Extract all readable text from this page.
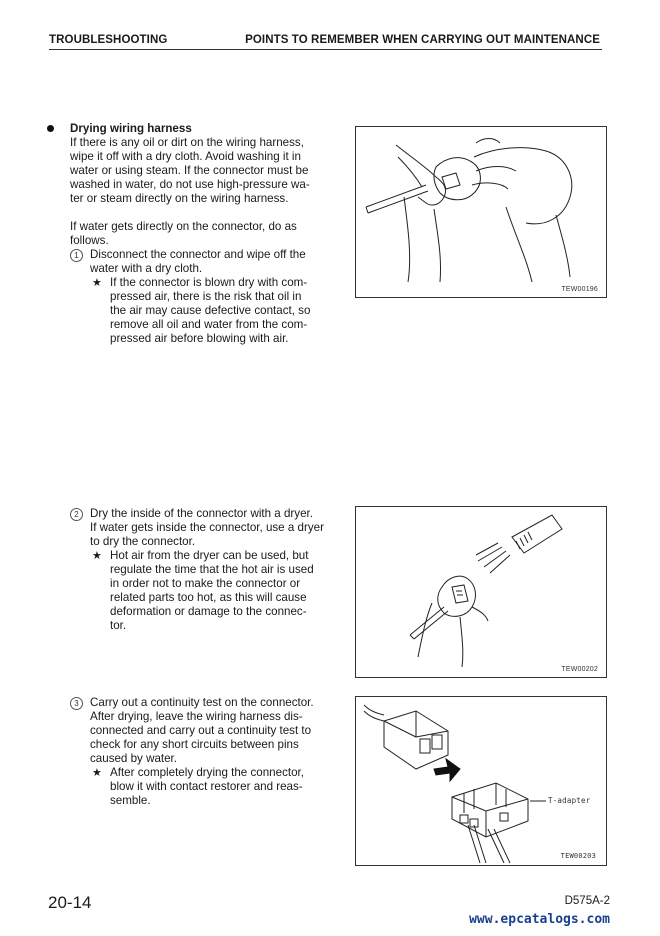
TROUBLESHOOTING	POINTS TO REMEMBER WHEN CARRYING OUT MAINTENANCE
Drying wiring harness
If there is any oil or dirt on the wiring harness,
wipe it off with a dry cloth. Avoid washing it in
water or using steam. If the connector must be
washed in water, do not use high-pressure wa-
ter or steam directly on the wiring harness.
If water gets directly on the connector, do as
follows.
1 Disconnect the connector and wipe off the
water with a dry cloth.
★ If the connector is blown dry with com-
pressed air, there is the risk that oil in
the air may cause defective contact, so
remove all oil and water from the com-
pressed air before blowing with air.
TEW00196
2 Dry the inside of the connector with a dryer.
If water gets inside the connector, use a dryer
to dry the connector.
★ Hot air from the dryer can be used, but
regulate the time that the hot air is used
in order not to make the connector or
related parts too hot, as this will cause
deformation or damage to the connec-
tor.
TEW00202
3 Carry out a continuity test on the connector.
After drying, leave the wiring harness dis-
connected and carry out a continuity test to
check for any short circuits between pins
caused by water.
★ After completely drying the connector,
blow it with contact restorer and reas-
semble.	T-adapter
TEW00203
20-14	D575A-2
www.epcatalogs.com
